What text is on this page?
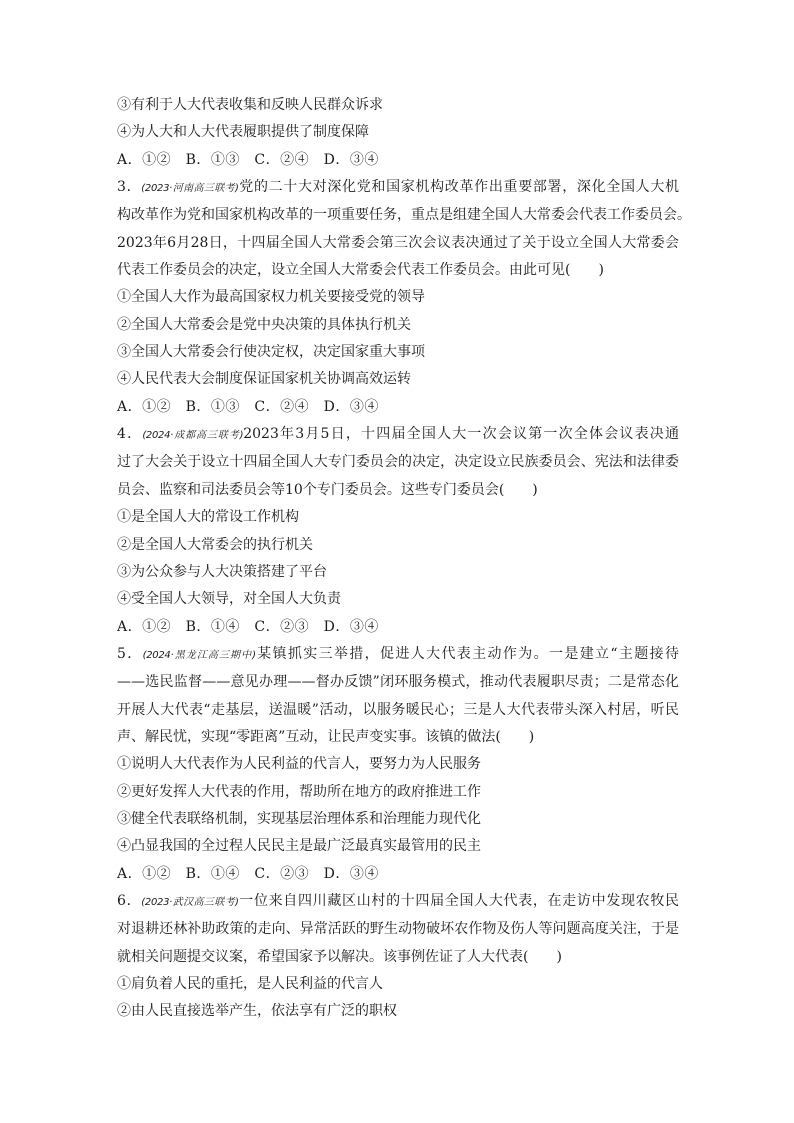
③有利于人大代表收集和反映人民群众诉求
④为人大和人大代表履职提供了制度保障
A．①②　B．①③　C．②④　D．③④
3．(2023·河南高三联考)党的二十大对深化党和国家机构改革作出重要部署，深化全国人大机
构改革作为党和国家机构改革的一项重要任务，重点是组建全国人大常委会代表工作委员会。
2023年6月28日，十四届全国人大常委会第三次会议表决通过了关于设立全国人大常委会
代表工作委员会的决定，设立全国人大常委会代表工作委员会。由此可见(　　)
①全国人大作为最高国家权力机关要接受党的领导
②全国人大常委会是党中央决策的具体执行机关
③全国人大常委会行使决定权，决定国家重大事项
④人民代表大会制度保证国家机关协调高效运转
A．①②　B．①③　C．②④　D．③④
4．(2024·成都高三联考)2023年3月5日，十四届全国人大一次会议第一次全体会议表决通
过了大会关于设立十四届全国人大专门委员会的决定，决定设立民族委员会、宪法和法律委
员会、监察和司法委员会等10个专门委员会。这些专门委员会(　　)
①是全国人大的常设工作机构
②是全国人大常委会的执行机关
③为公众参与人大决策搭建了平台
④受全国人大领导，对全国人大负责
A．①②　B．①④　C．②③　D．③④
5．(2024·黑龙江高三期中)某镇抓实三举措，促进人大代表主动作为。一是建立“主题接待
——选民监督——意见办理——督办反馈”闭环服务模式，推动代表履职尽责；二是常态化
开展人大代表“走基层，送温暖”活动，以服务暖民心；三是人大代表带头深入村居，听民
声、解民忧，实现“零距离”互动，让民声变实事。该镇的做法(　　)
①说明人大代表作为人民利益的代言人，要努力为人民服务
②更好发挥人大代表的作用，帮助所在地方的政府推进工作
③健全代表联络机制，实现基层治理体系和治理能力现代化
④凸显我国的全过程人民民主是最广泛最真实最管用的民主
A．①②　B．①④　C．②③　D．③④
6．(2023·武汉高三联考)一位来自四川藏区山村的十四届全国人大代表，在走访中发现农牧民
对退耕还林补助政策的走向、异常活跃的野生动物破坏农作物及伤人等问题高度关注，于是
就相关问题提交议案，希望国家予以解决。该事例佐证了人大代表(　　)
①肩负着人民的重托，是人民利益的代言人
②由人民直接选举产生，依法享有广泛的职权
